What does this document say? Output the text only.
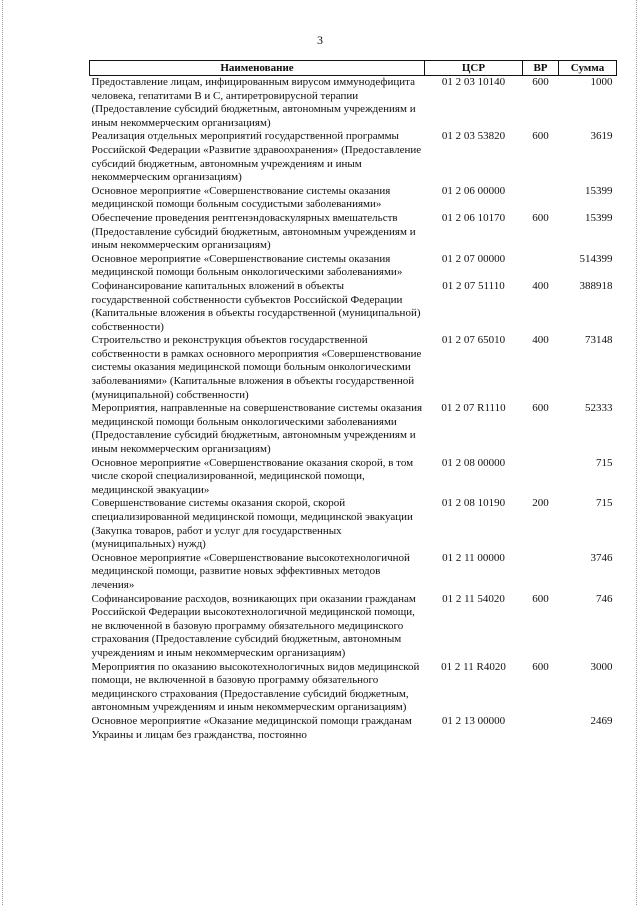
3
Наименование	ЦСР	ВР	Сумма
Предоставление лицам, инфицированным вирусом иммунодефицита человека, гепатитами B и C, антиретровирусной терапии (Предоставление субсидий бюджетным, автономным учреждениям и иным некоммерческим организациям)	01 2 03 10140	600	1000
Реализация отдельных мероприятий государственной программы Российской Федерации «Развитие здравоохранения» (Предоставление субсидий бюджетным, автономным учреждениям и иным некоммерческим организациям)	01 2 03 53820	600	3619
Основное мероприятие «Совершенствование системы оказания медицинской помощи больным сосудистыми заболеваниями»	01 2 06 00000		15399
Обеспечение проведения рентгенэндоваскулярных вмешательств (Предоставление субсидий бюджетным, автономным учреждениям и иным некоммерческим организациям)	01 2 06 10170	600	15399
Основное мероприятие «Совершенствование системы оказания медицинской помощи больным онкологическими заболеваниями»	01 2 07 00000		514399
Софинансирование капитальных вложений в объекты государственной собственности субъектов Российской Федерации (Капитальные вложения в объекты государственной (муниципальной) собственности)	01 2 07 51110	400	388918
Строительство и реконструкция объектов государственной собственности в рамках основного мероприятия «Совершенствование системы оказания медицинской помощи больным онкологическими заболеваниями» (Капитальные вложения в объекты государственной (муниципальной) собственности)	01 2 07 65010	400	73148
Мероприятия, направленные на совершенствование системы оказания медицинской помощи больным онкологическими заболеваниями (Предоставление субсидий бюджетным, автономным учреждениям и иным некоммерческим организациям)	01 2 07 R1110	600	52333
Основное мероприятие «Совершенствование оказания скорой, в том числе скорой специализированной, медицинской помощи, медицинской эвакуации»	01 2 08 00000		715
Совершенствование системы оказания скорой, скорой специализированной медицинской помощи, медицинской эвакуации (Закупка товаров, работ и услуг для государственных (муниципальных) нужд)	01 2 08 10190	200	715
Основное мероприятие «Совершенствование высокотехнологичной медицинской помощи, развитие новых эффективных методов лечения»	01 2 11 00000		3746
Софинансирование расходов, возникающих при оказании гражданам Российской Федерации высокотехнологичной медицинской помощи, не включенной в базовую программу обязательного медицинского страхования (Предоставление субсидий бюджетным, автономным учреждениям и иным некоммерческим организациям)	01 2 11 54020	600	746
Мероприятия по оказанию высокотехнологичных видов медицинской помощи, не включенной в базовую программу обязательного медицинского страхования (Предоставление субсидий бюджетным, автономным учреждениям и иным некоммерческим организациям)	01 2 11 R4020	600	3000
Основное мероприятие «Оказание медицинской помощи гражданам Украины и лицам без гражданства, постоянно	01 2 13 00000		2469
